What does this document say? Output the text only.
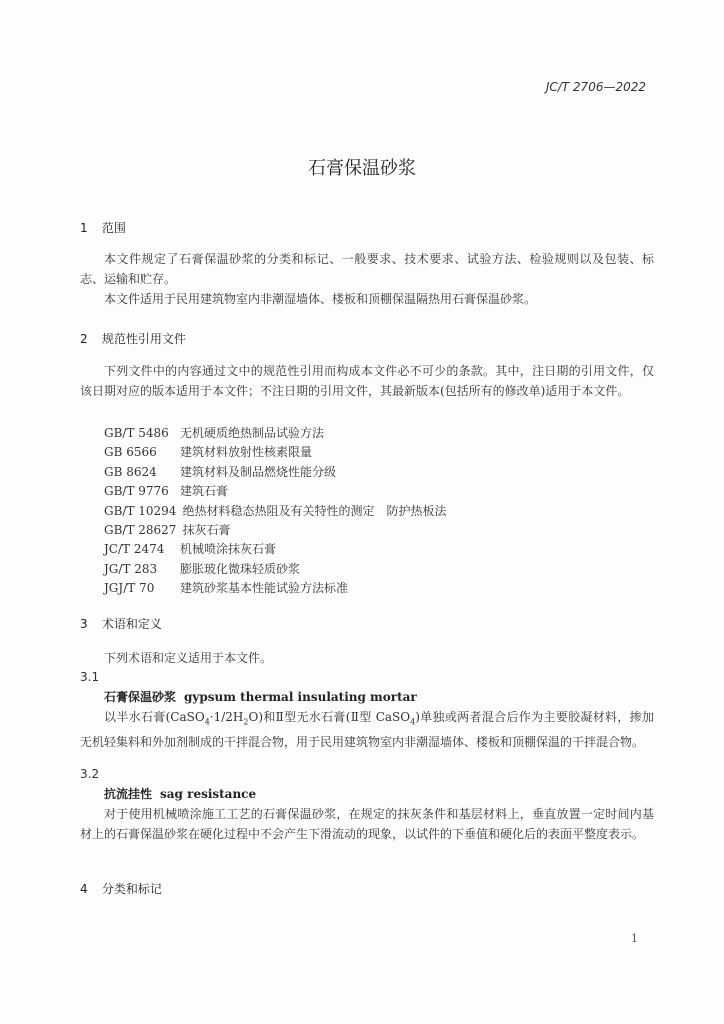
JC/T 2706—2022
石膏保温砂浆
1 范围
本文件规定了石膏保温砂浆的分类和标记、一般要求、技术要求、试验方法、检验规则以及包装、标志、运输和贮存。
本文件适用于民用建筑物室内非潮湿墙体、楼板和顶棚保温隔热用石膏保温砂浆。
2 规范性引用文件
下列文件中的内容通过文中的规范性引用而构成本文件必不可少的条款。其中，注日期的引用文件，仅该日期对应的版本适用于本文件；不注日期的引用文件，其最新版本(包括所有的修改单)适用于本文件。
GB/T 5486 无机硬质绝热制品试验方法
GB 6566 建筑材料放射性核素限量
GB 8624 建筑材料及制品燃烧性能分级
GB/T 9776 建筑石膏
GB/T 10294 绝热材料稳态热阻及有关特性的测定　防护热板法
GB/T 28627 抹灰石膏
JC/T 2474 机械喷涂抹灰石膏
JG/T 283 膨胀玻化微珠轻质砂浆
JGJ/T 70 建筑砂浆基本性能试验方法标准
3 术语和定义
下列术语和定义适用于本文件。
3.1
石膏保温砂浆 gypsum thermal insulating mortar
以半水石膏$(CaSO_4\cdot 1/2H_2O)$和Ⅱ型无水石膏(Ⅱ型 CaSO$_4$)单独或两者混合后作为主要胶凝材料，掺加无机轻集料和外加剂制成的干拌混合物，用于民用建筑物室内非潮湿墙体、楼板和顶棚保温的干拌混合物。
3.2
抗流挂性 sag resistance
对于使用机械喷涂施工工艺的石膏保温砂浆，在规定的抹灰条件和基层材料上，垂直放置一定时间内基材上的石膏保温砂浆在硬化过程中不会产生下滑流动的现象，以试件的下垂值和硬化后的表面平整度表示。
4 分类和标记
1
